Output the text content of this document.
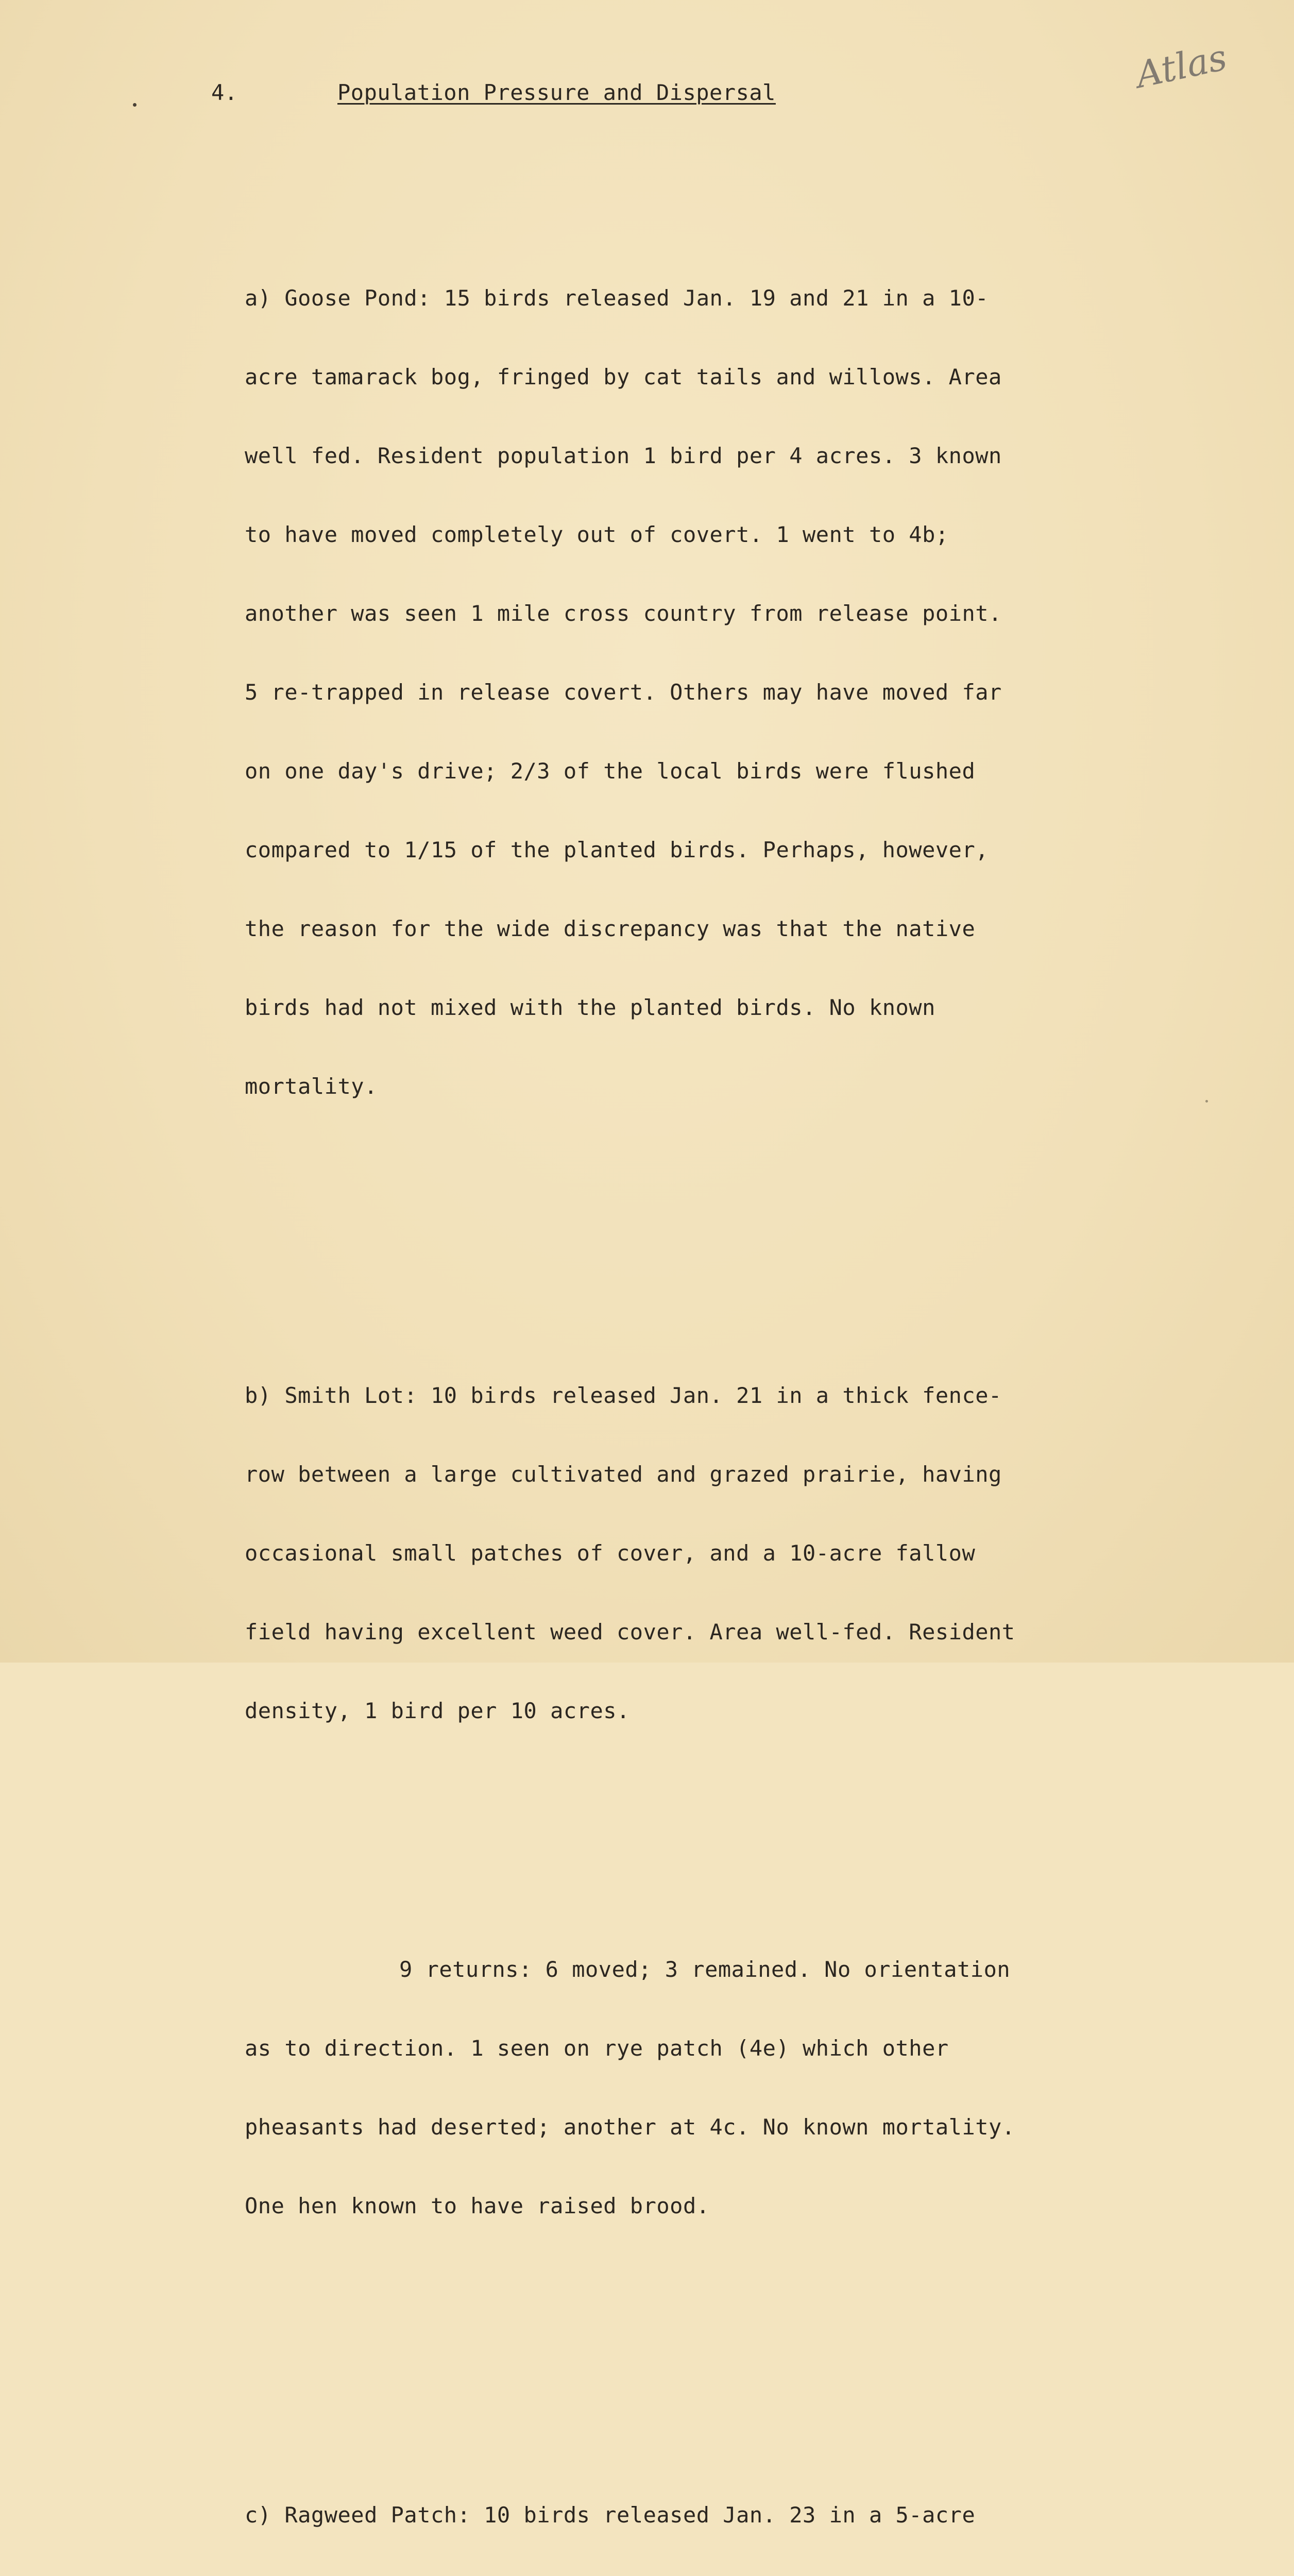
4.	Population Pressure and Dispersal	Atlas

a) Goose Pond: 15 birds released Jan. 19 and 21 in a 10-

acre tamarack bog, fringed by cat tails and willows. Area

well fed. Resident population 1 bird per 4 acres. 3 known

to have moved completely out of covert. 1 went to 4b;

another was seen 1 mile cross country from release point.

5 re-trapped in release covert. Others may have moved far

on one day's drive; 2/3 of the local birds were flushed

compared to 1/15 of the planted birds. Perhaps, however,

the reason for the wide discrepancy was that the native

birds had not mixed with the planted birds. No known

mortality.

b) Smith Lot: 10 birds released Jan. 21 in a thick fence-

row between a large cultivated and grazed prairie, having

occasional small patches of cover, and a 10-acre fallow

field having excellent weed cover. Area well-fed. Resident

density, 1 bird per 10 acres.

9 returns: 6 moved; 3 remained. No orientation

as to direction. 1 seen on rye patch (4e) which other

pheasants had deserted; another at 4c. No known mortality.

One hen known to have raised brood.

c) Ragweed Patch: 10 birds released Jan. 23 in a 5-acre
